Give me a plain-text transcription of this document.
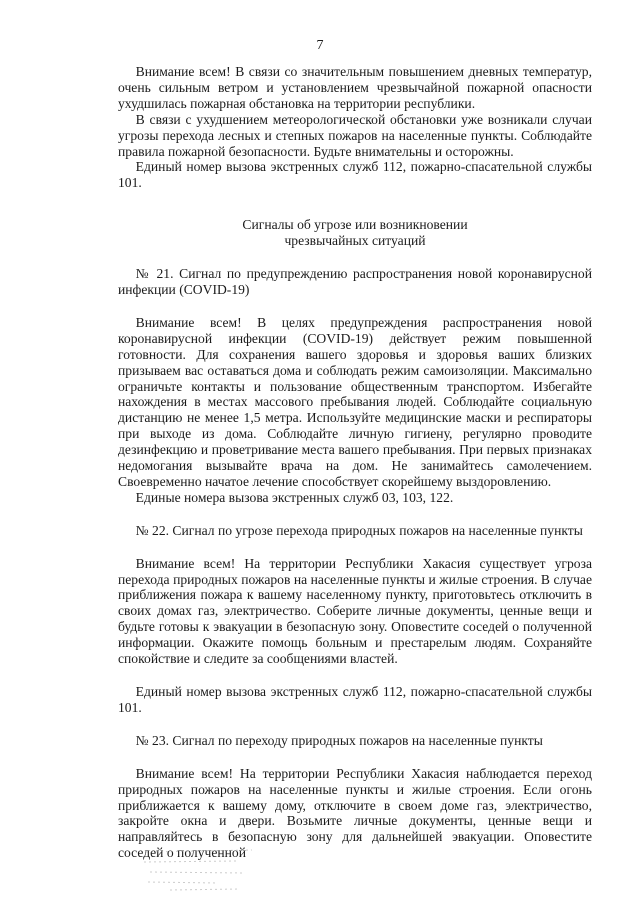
7

Внимание всем! В связи со значительным повышением дневных температур, очень сильным ветром и установлением чрезвычайной пожарной опасности ухудшилась пожарная обстановка на территории республики.

В связи с ухудшением метеорологической обстановки уже возникали случаи угрозы перехода лесных и степных пожаров на населенные пункты. Соблюдайте правила пожарной безопасности. Будьте внимательны и осторожны.

Единый номер вызова экстренных служб 112, пожарно-спасательной службы 101.

Сигналы об угрозе или возникновении

чрезвычайных ситуаций

№ 21. Сигнал по предупреждению распространения новой коронавирусной инфекции (COVID-19)

Внимание всем! В целях предупреждения распространения новой коронавирусной инфекции (COVID-19) действует режим повышенной готовности. Для сохранения вашего здоровья и здоровья ваших близких призываем вас оставаться дома и соблюдать режим самоизоляции. Максимально ограничьте контакты и пользование общественным транспортом. Избегайте нахождения в местах массового пребывания людей. Соблюдайте социальную дистанцию не менее 1,5 метра. Используйте медицинские маски и респираторы при выходе из дома. Соблюдайте личную гигиену, регулярно проводите дезинфекцию и проветривание места вашего пребывания. При первых признаках недомогания вызывайте врача на дом. Не занимайтесь самолечением. Своевременно начатое лечение способствует скорейшему выздоровлению.

Единые номера вызова экстренных служб 03, 103, 122.

№ 22. Сигнал по угрозе перехода природных пожаров на населенные пункты

Внимание всем! На территории Республики Хакасия существует угроза перехода природных пожаров на населенные пункты и жилые строения. В случае приближения пожара к вашему населенному пункту, приготовьтесь отключить в своих домах газ, электричество. Соберите личные документы, ценные вещи и будьте готовы к эвакуации в безопасную зону. Оповестите соседей о полученной информации. Окажите помощь больным и престарелым людям. Сохраняйте спокойствие и следите за сообщениями властей.

Единый номер вызова экстренных служб 112, пожарно-спасательной службы 101.

№ 23. Сигнал по переходу природных пожаров на населенные пункты

Внимание всем! На территории Республики Хакасия наблюдается переход природных пожаров на населенные пункты и жилые строения. Если огонь приближается к вашему дому, отключите в своем доме газ, электричество, закройте окна и двери. Возьмите личные документы, ценные вещи и направляйтесь в безопасную зону для дальнейшей эвакуации. Оповестите соседей о полученной
